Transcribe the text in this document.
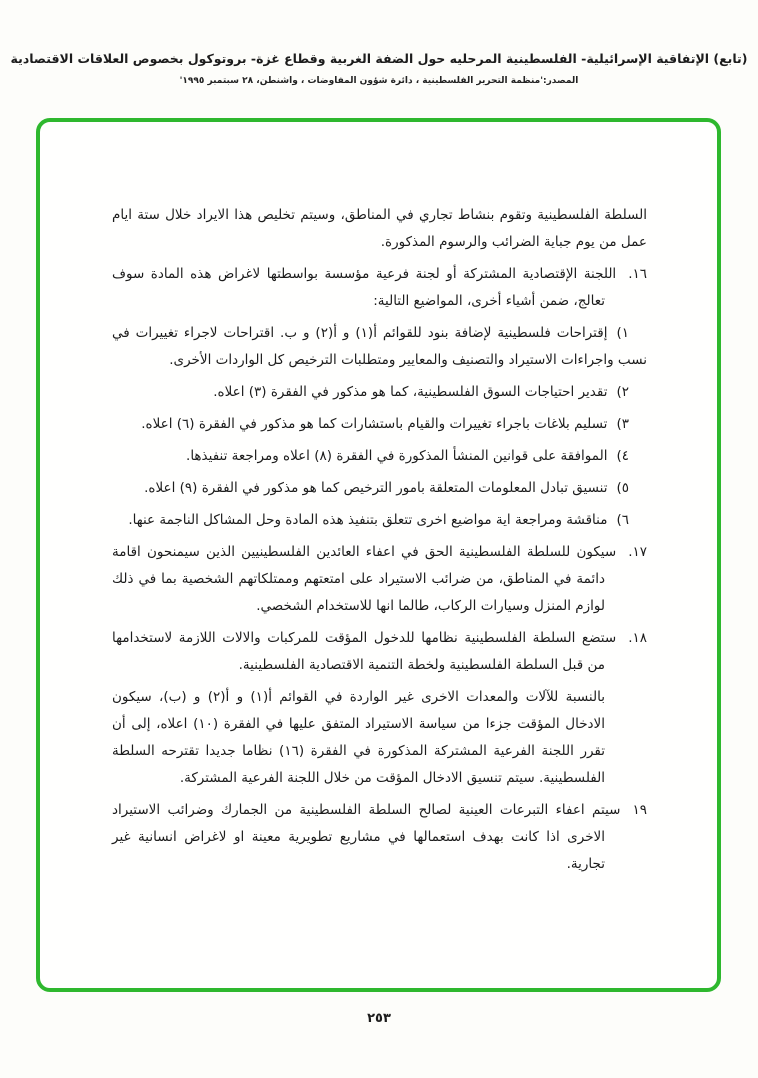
(تابع) الإتفاقية الإسرائيلية- الفلسطينية المرحليه حول الضفة الغربية وقطاع غزة- بروتوكول بخصوص العلاقات الاقتصادية
المصدر:'منظمة التحرير الفلسطينية ، دائرة شؤون المفاوضات ، واشنطن، ٢٨ سبتمبر ١٩٩٥'

السلطة الفلسطينية وتقوم بنشاط تجاري في المناطق، وسيتم تخليص هذا الايراد خلال ستة ايام عمل من يوم جباية الضرائب والرسوم المذكورة.

١٦.اللجنة الإقتصادية المشتركة أو لجنة فرعية مؤسسة بواسطتها لاغراض هذه المادة سوف تعالج، ضمن أشياء أخرى، المواضيع التالية:

١)إقتراحات فلسطينية لإضافة بنود للقوائم أ(١) و أ(٢) و ب. اقتراحات لاجراء تغييرات في نسب واجراءات الاستيراد والتصنيف والمعايير ومتطلبات الترخيص كل الواردات الأخرى.

٢)تقدير احتياجات السوق الفلسطينية، كما هو مذكور في الفقرة (٣) اعلاه.

٣)تسليم بلاغات باجراء تغييرات والقيام باستشارات كما هو مذكور في الفقرة (٦) اعلاه.

٤)الموافقة على قوانين المنشأ المذكورة في الفقرة (٨) اعلاه ومراجعة تنفيذها.

٥)تنسيق تبادل المعلومات المتعلقة بامور الترخيص كما هو مذكور في الفقرة (٩) اعلاه.

٦)مناقشة ومراجعة اية مواضيع اخرى تتعلق بتنفيذ هذه المادة وحل المشاكل الناجمة عنها.

١٧.سيكون للسلطة الفلسطينية الحق في اعفاء العائدين الفلسطينيين الذين سيمنحون اقامة دائمة في المناطق، من ضرائب الاستيراد على امتعتهم وممتلكاتهم الشخصية بما في ذلك لوازم المنزل وسيارات الركاب، طالما انها للاستخدام الشخصي.

١٨.ستضع السلطة الفلسطينية نظامها للدخول المؤقت للمركبات والالات اللازمة لاستخدامها من قبل السلطة الفلسطينية ولخطة التنمية الاقتصادية الفلسطينية.

بالنسبة للآلات والمعدات الاخرى غير الواردة في القوائم أ(١) و أ(٢) و (ب)، سيكون الادخال المؤقت جزءا من سياسة الاستيراد المتفق عليها في الفقرة (١٠) اعلاه، إلى أن تقرر اللجنة الفرعية المشتركة المذكورة في الفقرة (١٦) نظاما جديدا تقترحه السلطة الفلسطينية. سيتم تنسيق الادخال المؤقت من خلال اللجنة الفرعية المشتركة.

١٩سيتم اعفاء التبرعات العينية لصالح السلطة الفلسطينية من الجمارك وضرائب الاستيراد الاخرى اذا كانت بهدف استعمالها في مشاريع تطويرية معينة او لاغراض انسانية غير تجارية.

٢٥٣
